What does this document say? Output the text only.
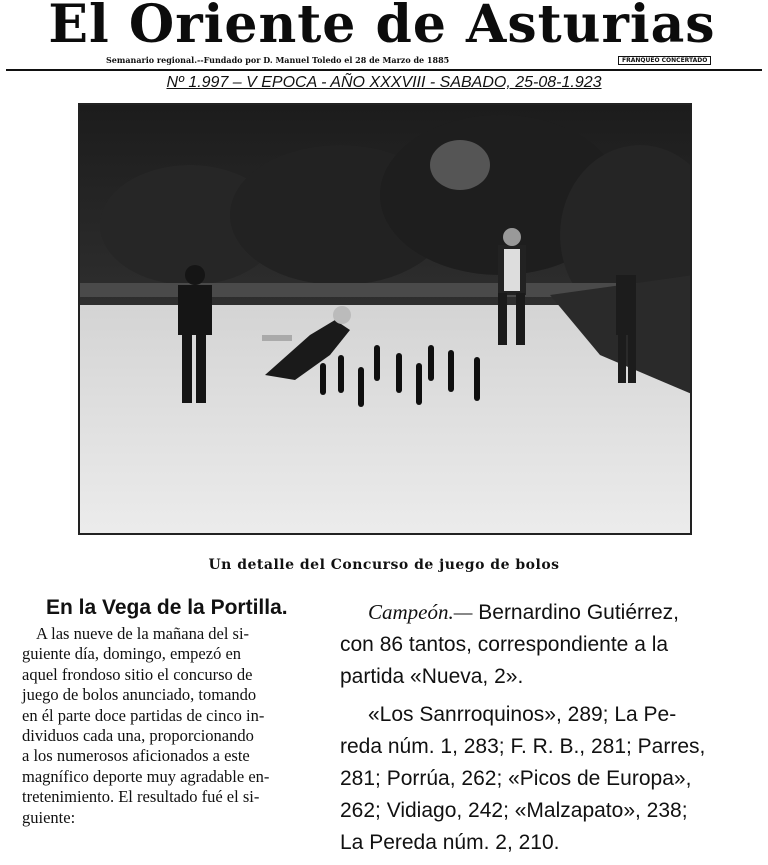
El Oriente de Asturias
Semanario regional.--Fundado por D. Manuel Toledo el 28 de Marzo de 1885	FRANQUEO CONCERTADO
Nº 1.997 – V EPOCA - AÑO XXXVIII - SABADO, 25-08-1.923
Un detalle del Concurso de juego de bolos
En la Vega de la Portilla.
A las nueve de la mañana del si-
guiente día, domingo, empezó en
aquel frondoso sitio el concurso de
juego de bolos anunciado, tomando
en él parte doce partidas de cinco in-
dividuos cada una, proporcionando
a los numerosos aficionados a este
magnífico deporte muy agradable en-
tretenimiento. El resultado fué el si-
guiente:
Campeón.— Bernardino Gutiérrez,
con 86 tantos, correspondiente a la
partida «Nueva, 2».
«Los Sanrroquinos», 289; La Pe-
reda núm. 1, 283; F. R. B., 281; Parres,
281; Porrúa, 262; «Picos de Europa»,
262; Vidiago, 242; «Malzapato», 238;
La Pereda núm. 2, 210.
